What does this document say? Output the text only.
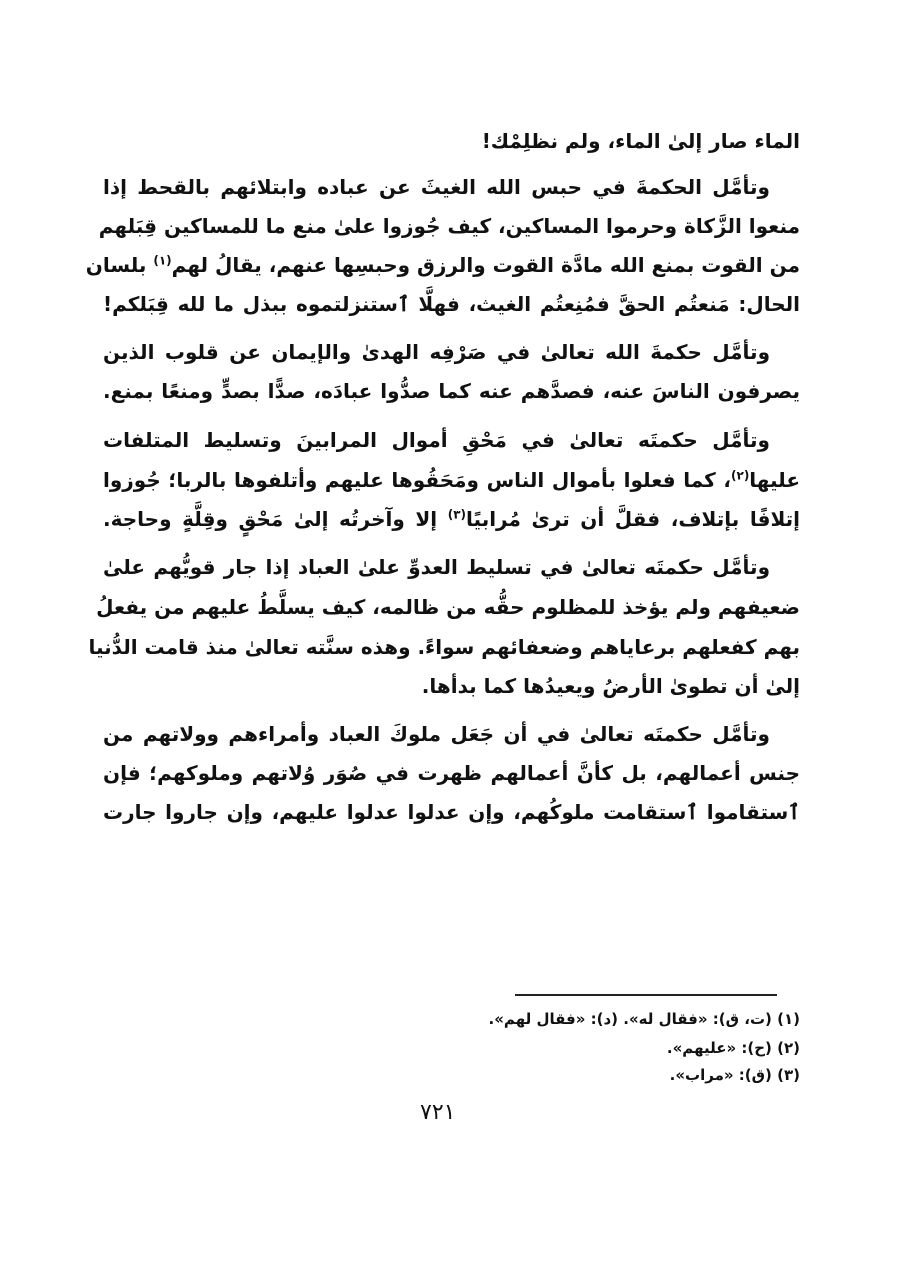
الماء صار إلىٰ الماء، ولم نظلِمْك!
وتأمَّل الحكمةَ في حبس الله الغيثَ عن عباده وابتلائهم بالقحط إذا
منعوا الزَّكاة وحرموا المساكين، كيف جُوزوا علىٰ منع ما للمساكين قِبَلهم
من القوت بمنع الله مادَّة القوت والرزق وحبسِها عنهم، يقالُ لهم$^{(١)}$ بلسان
الحال: مَنعتُم الحقَّ فمُنِعتُم الغيث، فهلَّا ٱستنزلتموه ببذل ما لله قِبَلكم!
وتأمَّل حكمةَ الله تعالىٰ في صَرْفِه الهدىٰ والإيمان عن قلوب الذين
يصرفون الناسَ عنه، فصدَّهم عنه كما صدُّوا عبادَه، صدًّا بصدٍّ ومنعًا بمنع.
وتأمَّل حكمتَه تعالىٰ في مَحْقِ أموال المرابينَ وتسليط المتلفات
عليها$^{(٢)}$، كما فعلوا بأموال الناس ومَحَقُوها عليهم وأتلفوها بالربا؛ جُوزوا
إتلافًا بإتلاف، فقلَّ أن ترىٰ مُرابيًا$^{(٣)}$ إلا وآخرتُه إلىٰ مَحْقٍ وقِلَّةٍ وحاجة.
وتأمَّل حكمتَه تعالىٰ في تسليط العدوِّ علىٰ العباد إذا جار قويُّهم علىٰ
ضعيفهم ولم يؤخذ للمظلوم حقُّه من ظالمه، كيف يسلَّطُ عليهم من يفعلُ
بهم كفعلهم برعاياهم وضعفائهم سواءً. وهذه سنَّته تعالىٰ منذ قامت الدُّنيا
إلىٰ أن تطوىٰ الأرضُ ويعيدُها كما بدأها.
وتأمَّل حكمتَه تعالىٰ في أن جَعَل ملوكَ العباد وأمراءهم وولاتهم من
جنس أعمالهم، بل كأنَّ أعمالهم ظهرت في صُوَر وُلاتهم وملوكهم؛ فإن
ٱستقاموا ٱستقامت ملوكُهم، وإن عدلوا عدلوا عليهم، وإن جاروا جارت
(١) (ت، ق): «فقال له». (د): «فقال لهم».
(٢) (ح): «عليهم».
(٣) (ق): «مراب».
٧٢١
